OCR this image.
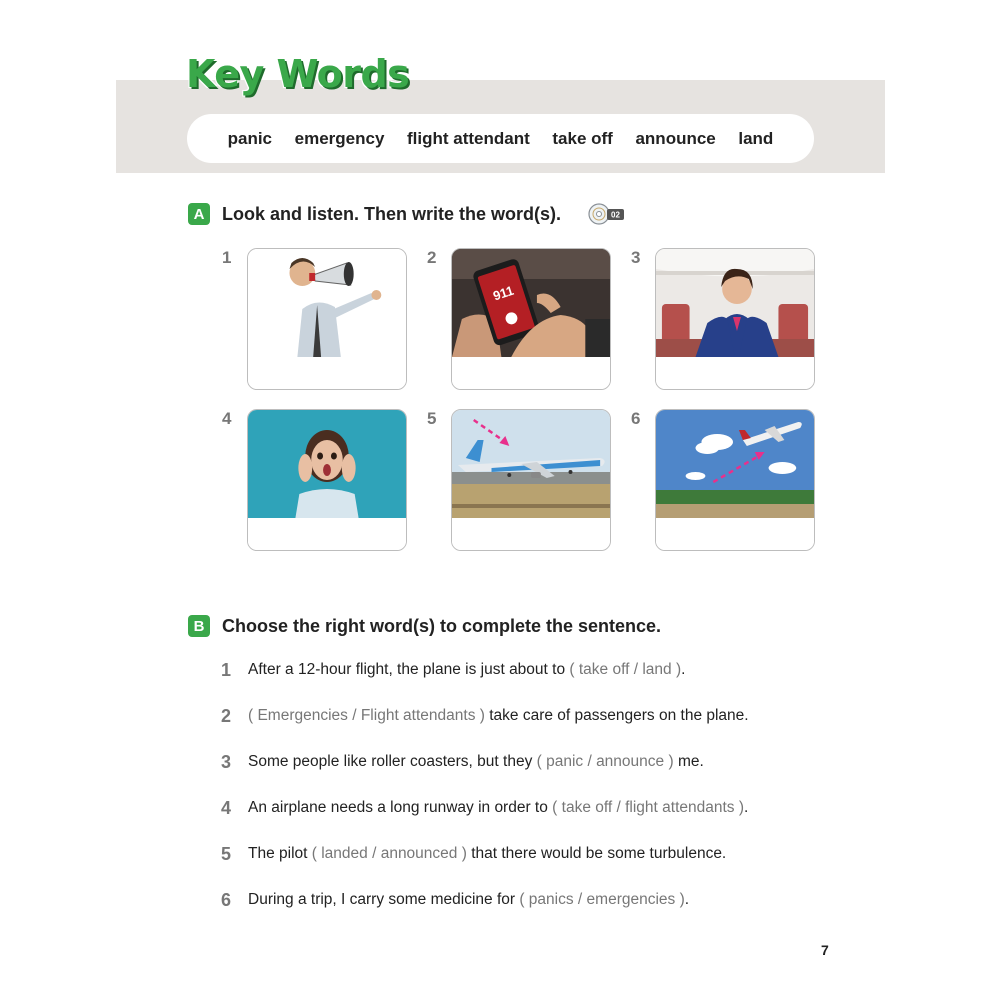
Key Words
panic emergency flight attendant take off announce land
A Look and listen. Then write the word(s).	02
1	2
911
3
4	5	6
B Choose the right word(s) to complete the sentence.
1 After a 12-hour flight, the plane is just about to ( take off / land ).
2 ( Emergencies / Flight attendants ) take care of passengers on the plane.
3 Some people like roller coasters, but they ( panic / announce ) me.
4 An airplane needs a long runway in order to ( take off / flight attendants ).
5 The pilot ( landed / announced ) that there would be some turbulence.
6 During a trip, I carry some medicine for ( panics / emergencies ).
7
